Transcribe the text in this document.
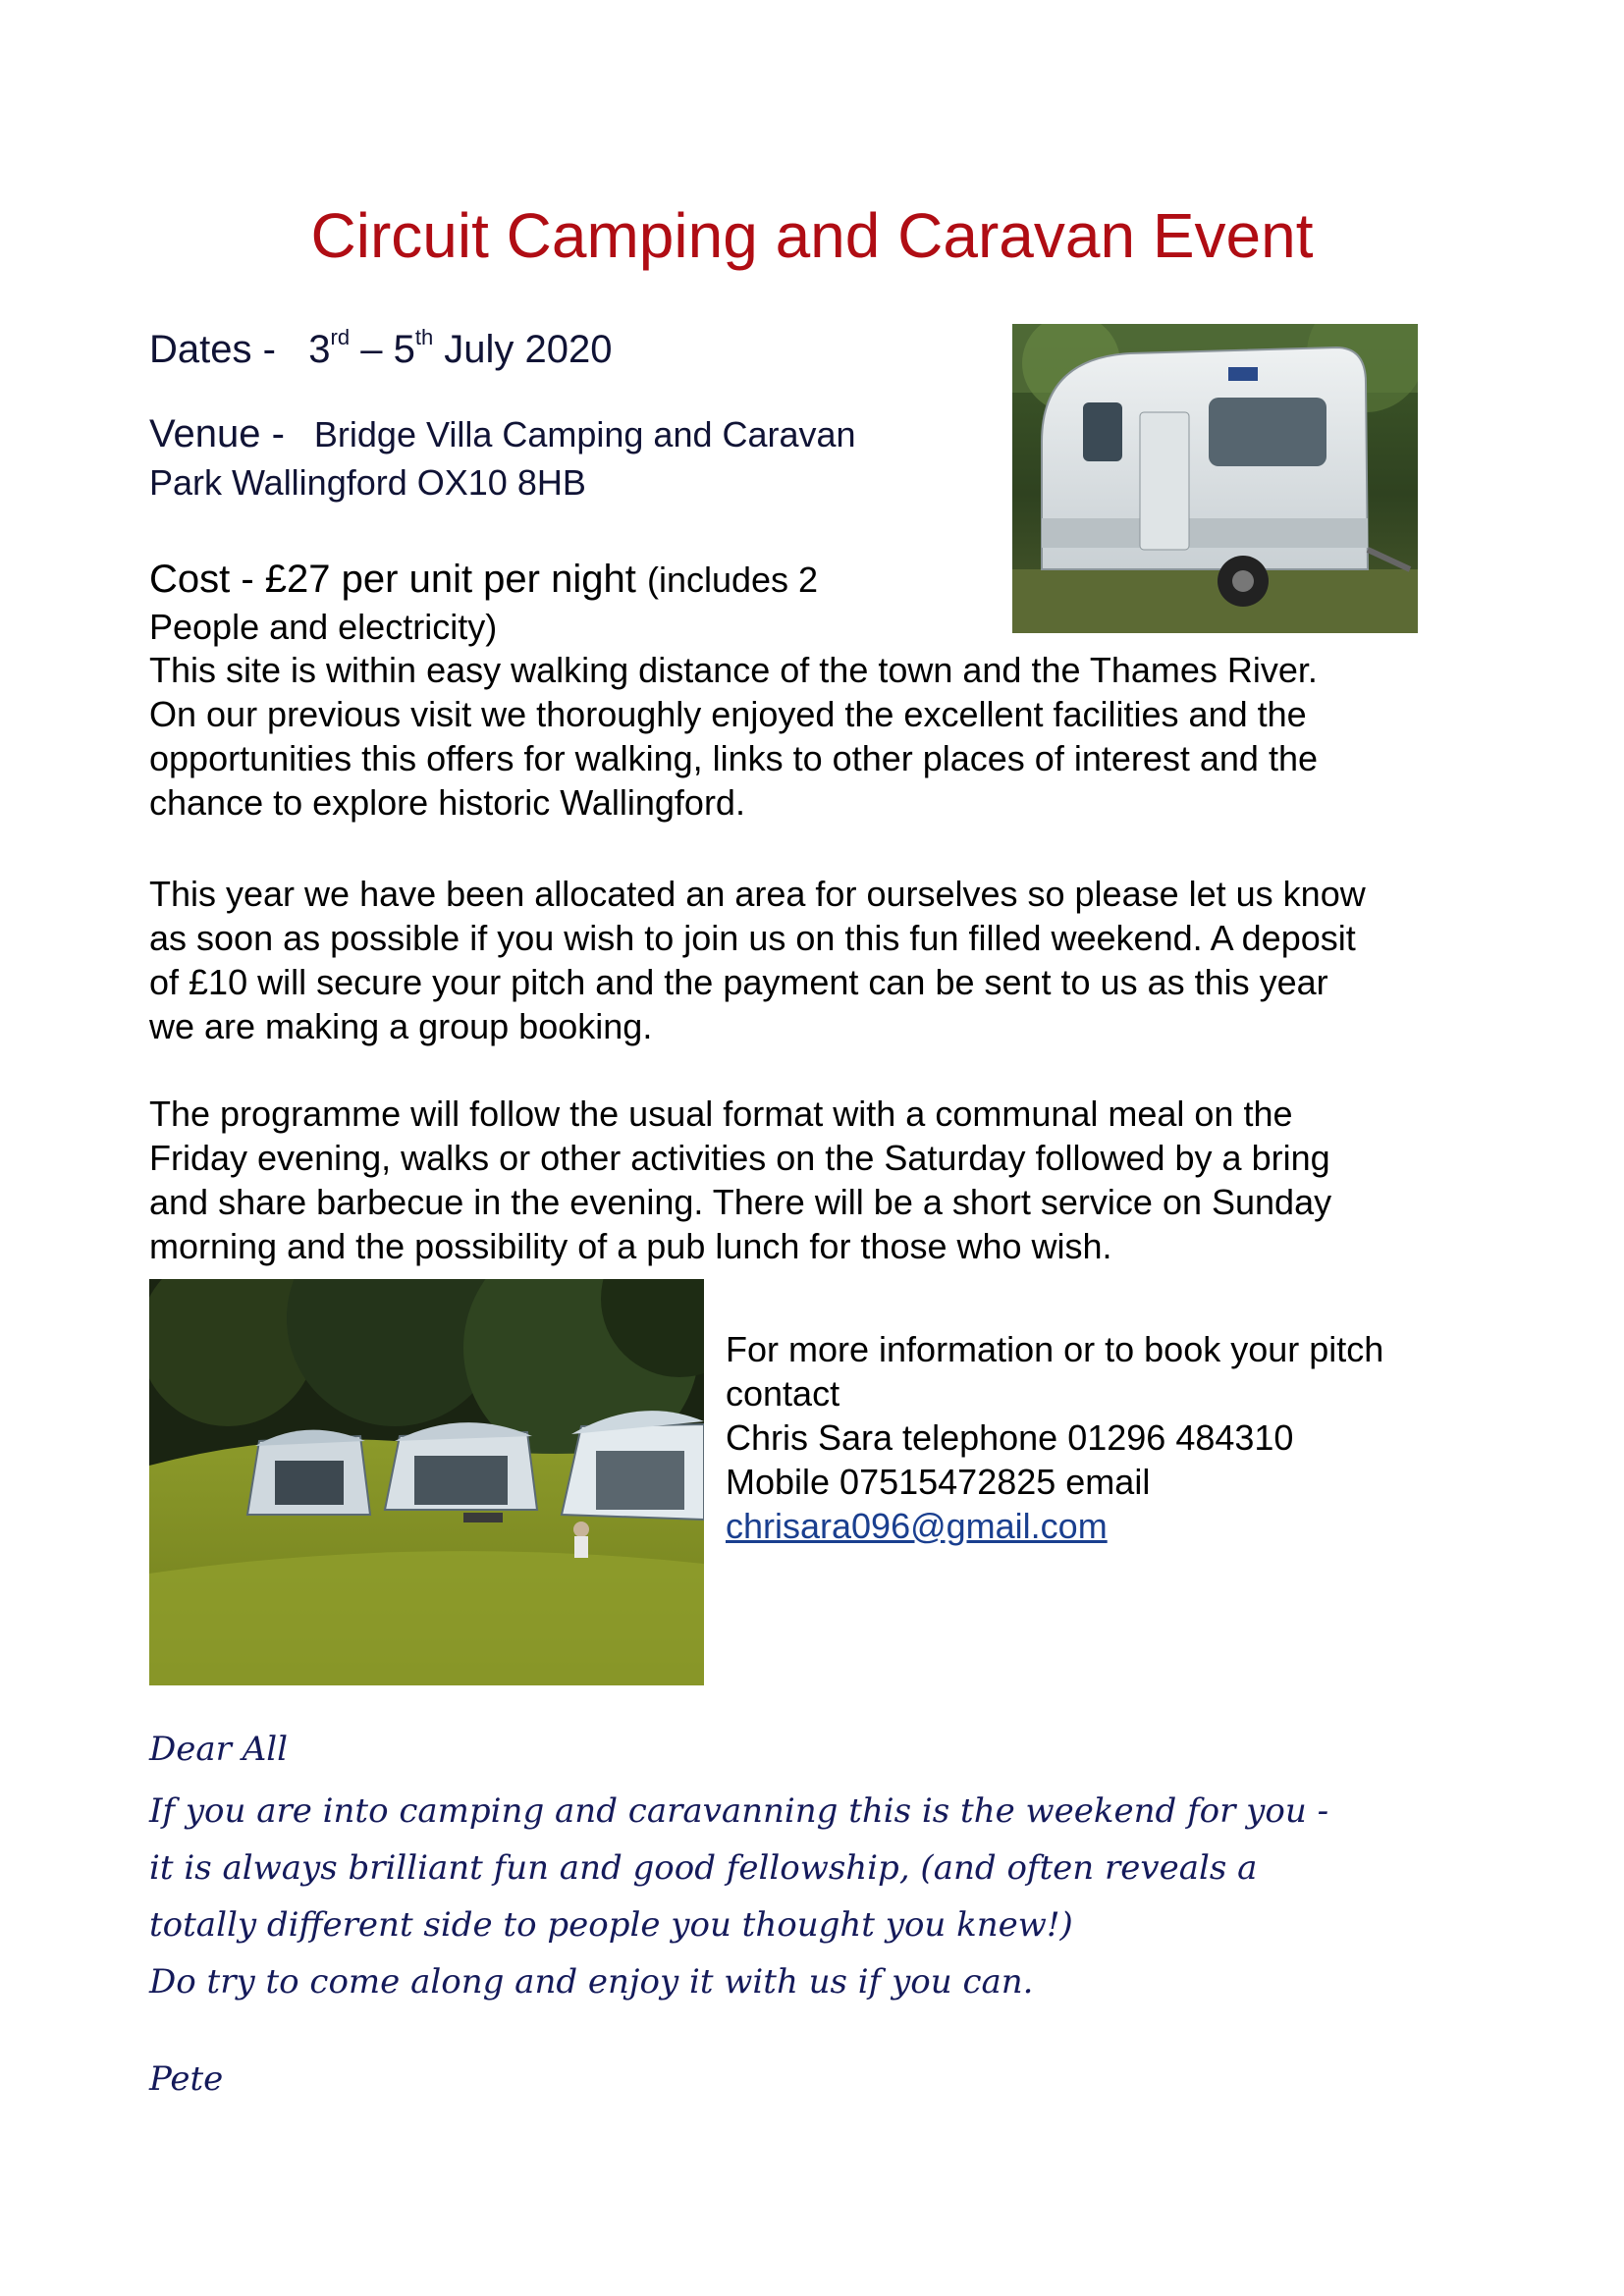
Circuit Camping and Caravan Event
Dates - 3rd – 5th July 2020
Venue - Bridge Villa Camping and Caravan
Park Wallingford OX10 8HB
Cost - £27 per unit per night (includes 2
People and electricity)
This site is within easy walking distance of the town and the Thames River.
On our previous visit we thoroughly enjoyed the excellent facilities and the
opportunities this offers for walking, links to other places of interest and the
chance to explore historic Wallingford.
This year we have been allocated an area for ourselves so please let us know
as soon as possible if you wish to join us on this fun filled weekend. A deposit
of £10 will secure your pitch and the payment can be sent to us as this year
we are making a group booking.
The programme will follow the usual format with a communal meal on the
Friday evening, walks or other activities on the Saturday followed by a bring
and share barbecue in the evening. There will be a short service on Sunday
morning and the possibility of a pub lunch for those who wish.
For more information or to book your pitch
contact
Chris Sara telephone 01296 484310
Mobile 07515472825 email
chrisara096@gmail.com
Dear All
If you are into camping and caravanning this is the weekend for you -
it is always brilliant fun and good fellowship, (and often reveals a
totally different side to people you thought you knew!)
Do try to come along and enjoy it with us if you can.
Pete
